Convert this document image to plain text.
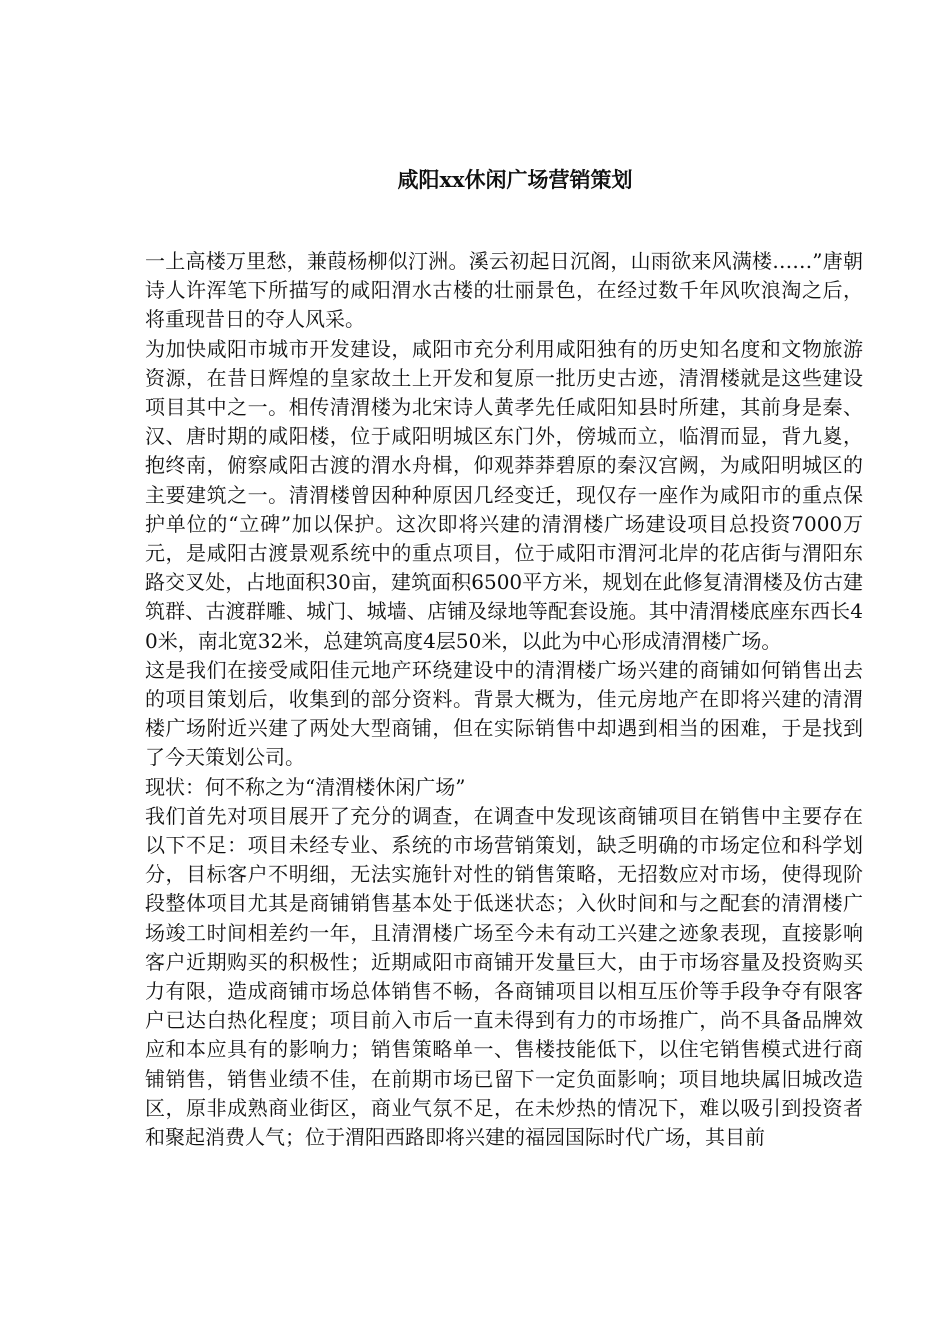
咸阳xx休闲广场营销策划

一上高楼万里愁，兼葭杨柳似汀洲。溪云初起日沉阁，山雨欲来风满楼……”唐朝诗人许浑笔下所描写的咸阳渭水古楼的壮丽景色，在经过数千年风吹浪淘之后，将重现昔日的夺人风采。

为加快咸阳市城市开发建设，咸阳市充分利用咸阳独有的历史知名度和文物旅游资源，在昔日辉煌的皇家故土上开发和复原一批历史古迹，清渭楼就是这些建设项目其中之一。相传清渭楼为北宋诗人黄孝先任咸阳知县时所建，其前身是秦、汉、唐时期的咸阳楼，位于咸阳明城区东门外，傍城而立，临渭而显，背九嵏，抱终南，俯察咸阳古渡的渭水舟楫，仰观莽莽碧原的秦汉宫阙，为咸阳明城区的主要建筑之一。清渭楼曾因种种原因几经变迁，现仅存一座作为咸阳市的重点保护单位的“立碑”加以保护。这次即将兴建的清渭楼广场建设项目总投资7000万元，是咸阳古渡景观系统中的重点项目，位于咸阳市渭河北岸的花店街与渭阳东路交叉处，占地面积30亩，建筑面积6500平方米，规划在此修复清渭楼及仿古建筑群、古渡群雕、城门、城墙、店铺及绿地等配套设施。其中清渭楼底座东西长40米，南北宽32米，总建筑高度4层50米，以此为中心形成清渭楼广场。

这是我们在接受咸阳佳元地产环绕建设中的清渭楼广场兴建的商铺如何销售出去的项目策划后，收集到的部分资料。背景大概为，佳元房地产在即将兴建的清渭楼广场附近兴建了两处大型商铺，但在实际销售中却遇到相当的困难，于是找到了今天策划公司。

现状：何不称之为“清渭楼休闲广场”

我们首先对项目展开了充分的调查，在调查中发现该商铺项目在销售中主要存在以下不足：项目未经专业、系统的市场营销策划，缺乏明确的市场定位和科学划分，目标客户不明细，无法实施针对性的销售策略，无招数应对市场，使得现阶段整体项目尤其是商铺销售基本处于低迷状态；入伙时间和与之配套的清渭楼广场竣工时间相差约一年，且清渭楼广场至今未有动工兴建之迹象表现，直接影响客户近期购买的积极性；近期咸阳市商铺开发量巨大，由于市场容量及投资购买力有限，造成商铺市场总体销售不畅，各商铺项目以相互压价等手段争夺有限客户已达白热化程度；项目前入市后一直未得到有力的市场推广，尚不具备品牌效应和本应具有的影响力；销售策略单一、售楼技能低下，以住宅销售模式进行商铺销售，销售业绩不佳，在前期市场已留下一定负面影响；项目地块属旧城改造区，原非成熟商业街区，商业气氛不足，在未炒热的情况下，难以吸引到投资者和聚起消费人气；位于渭阳西路即将兴建的福园国际时代广场，其目前
